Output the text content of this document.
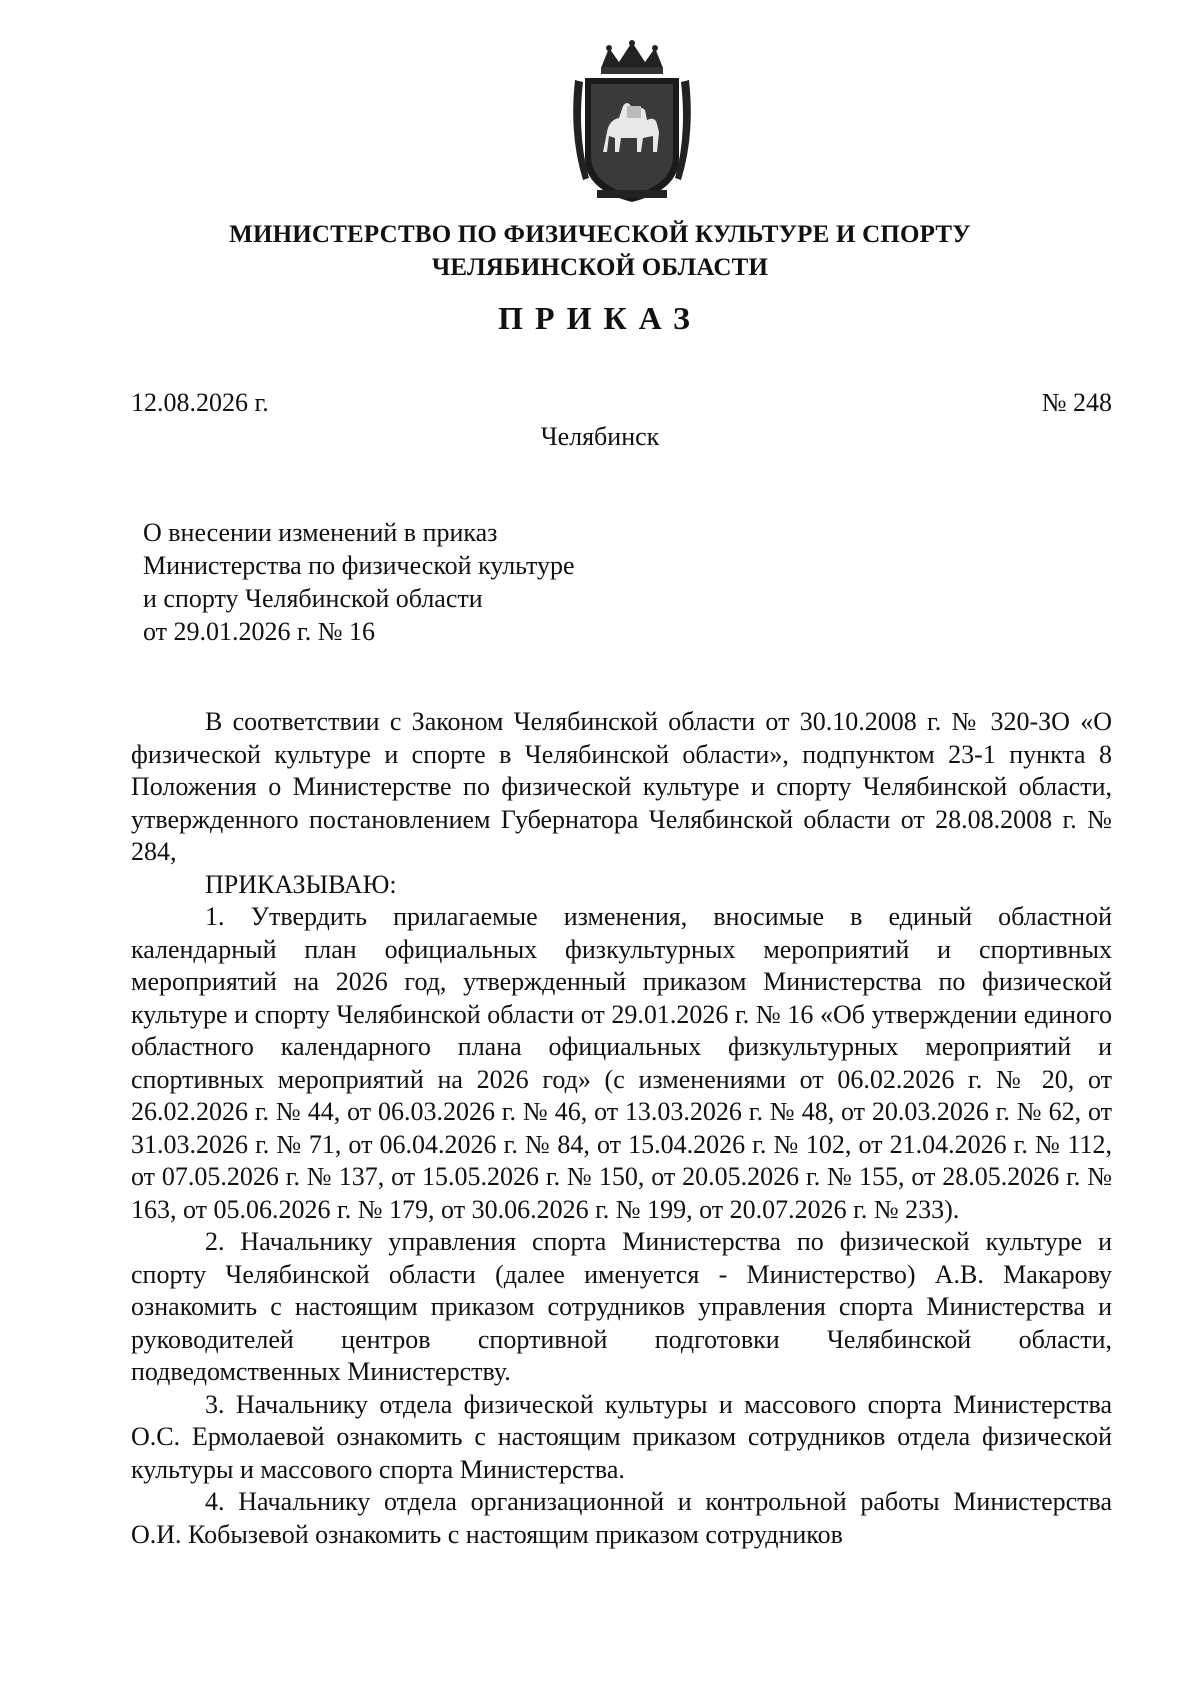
МИНИСТЕРСТВО ПО ФИЗИЧЕСКОЙ КУЛЬТУРЕ И СПОРТУ
ЧЕЛЯБИНСКОЙ ОБЛАСТИ
ПРИКАЗ
12.08.2026 г.	№ 248
Челябинск
О внесении изменений в приказ
Министерства по физической культуре
и спорту Челябинской области
от 29.01.2026 г. № 16

В соответствии с Законом Челябинской области от 30.10.2008 г. № 320-ЗО «О физической культуре и спорте в Челябинской области», подпунктом 23-1 пункта 8 Положения о Министерстве по физической культуре и спорту Челябинской области, утвержденного постановлением Губернатора Челябинской области от 28.08.2008 г. № 284,

ПРИКАЗЫВАЮ:

1. Утвердить прилагаемые изменения, вносимые в единый областной календарный план официальных физкультурных мероприятий и спортивных мероприятий на 2026 год, утвержденный приказом Министерства по физической культуре и спорту Челябинской области от 29.01.2026 г. № 16 «Об утверждении единого областного календарного плана официальных физкультурных мероприятий и спортивных мероприятий на 2026 год» (с изменениями от 06.02.2026 г. № 20, от 26.02.2026 г. № 44, от 06.03.2026 г. № 46, от 13.03.2026 г. № 48, от 20.03.2026 г. № 62, от 31.03.2026 г. № 71, от 06.04.2026 г. № 84, от 15.04.2026 г. № 102, от 21.04.2026 г. № 112, от 07.05.2026 г. № 137, от 15.05.2026 г. № 150, от 20.05.2026 г. № 155, от 28.05.2026 г. № 163, от 05.06.2026 г. № 179, от 30.06.2026 г. № 199, от 20.07.2026 г. № 233).

2. Начальнику управления спорта Министерства по физической культуре и спорту Челябинской области (далее именуется - Министерство) А.В. Макарову ознакомить с настоящим приказом сотрудников управления спорта Министерства и руководителей центров спортивной подготовки Челябинской области, подведомственных Министерству.

3. Начальнику отдела физической культуры и массового спорта Министерства О.С. Ермолаевой ознакомить с настоящим приказом сотрудников отдела физической культуры и массового спорта Министерства.

4. Начальнику отдела организационной и контрольной работы Министерства О.И. Кобызевой ознакомить с настоящим приказом сотрудников
